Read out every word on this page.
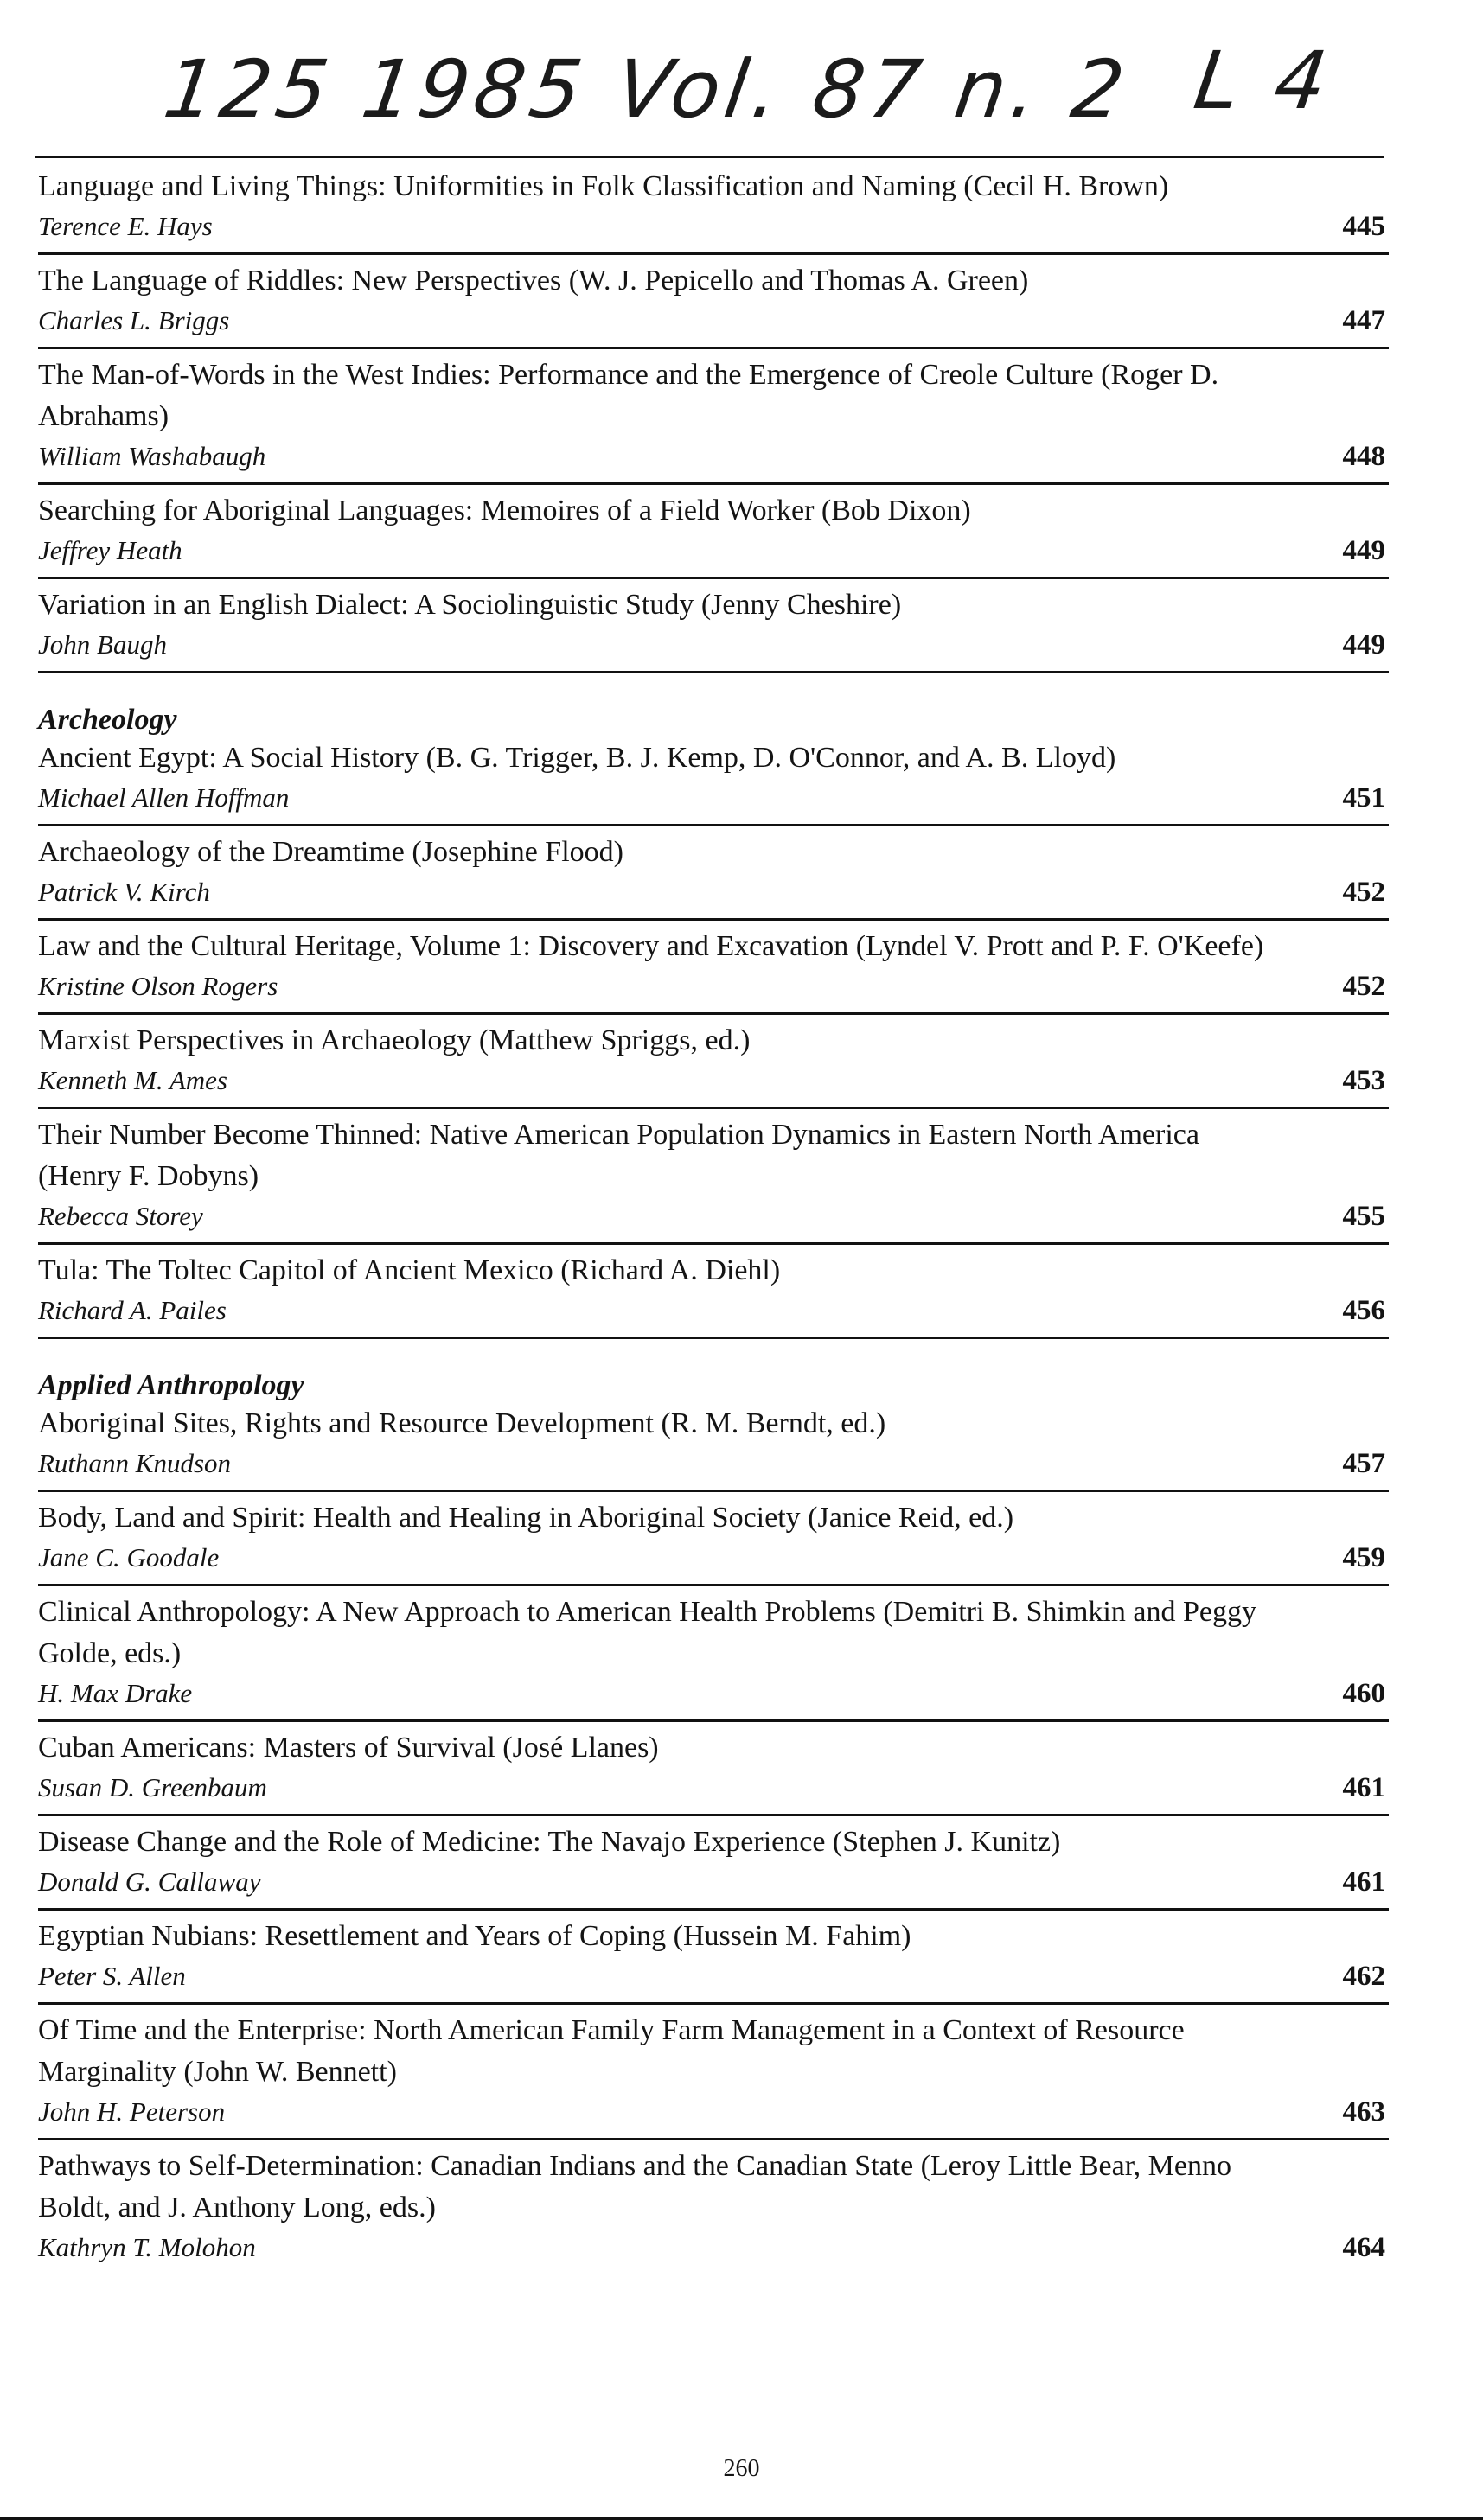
125 1985 Vol. 87 n. 2 L 4
Language and Living Things: Uniformities in Folk Classification and Naming (Cecil H. Brown)
Terence E. Hays	445
The Language of Riddles: New Perspectives (W. J. Pepicello and Thomas A. Green)
Charles L. Briggs	447
The Man-of-Words in the West Indies: Performance and the Emergence of Creole Culture (Roger D. Abrahams)
William Washabaugh	448
Searching for Aboriginal Languages: Memoires of a Field Worker (Bob Dixon)
Jeffrey Heath	449
Variation in an English Dialect: A Sociolinguistic Study (Jenny Cheshire)
John Baugh	449
Archeology
Ancient Egypt: A Social History (B. G. Trigger, B. J. Kemp, D. O'Connor, and A. B. Lloyd)
Michael Allen Hoffman	451
Archaeology of the Dreamtime (Josephine Flood)
Patrick V. Kirch	452
Law and the Cultural Heritage, Volume 1: Discovery and Excavation (Lyndel V. Prott and P. F. O'Keefe)
Kristine Olson Rogers	452
Marxist Perspectives in Archaeology (Matthew Spriggs, ed.)
Kenneth M. Ames	453
Their Number Become Thinned: Native American Population Dynamics in Eastern North America (Henry F. Dobyns)
Rebecca Storey	455
Tula: The Toltec Capitol of Ancient Mexico (Richard A. Diehl)
Richard A. Pailes	456
Applied Anthropology
Aboriginal Sites, Rights and Resource Development (R. M. Berndt, ed.)
Ruthann Knudson	457
Body, Land and Spirit: Health and Healing in Aboriginal Society (Janice Reid, ed.)
Jane C. Goodale	459
Clinical Anthropology: A New Approach to American Health Problems (Demitri B. Shimkin and Peggy Golde, eds.)
H. Max Drake	460
Cuban Americans: Masters of Survival (José Llanes)
Susan D. Greenbaum	461
Disease Change and the Role of Medicine: The Navajo Experience (Stephen J. Kunitz)
Donald G. Callaway	461
Egyptian Nubians: Resettlement and Years of Coping (Hussein M. Fahim)
Peter S. Allen	462
Of Time and the Enterprise: North American Family Farm Management in a Context of Resource Marginality (John W. Bennett)
John H. Peterson	463
Pathways to Self-Determination: Canadian Indians and the Canadian State (Leroy Little Bear, Menno Boldt, and J. Anthony Long, eds.)
Kathryn T. Molohon	464
260
